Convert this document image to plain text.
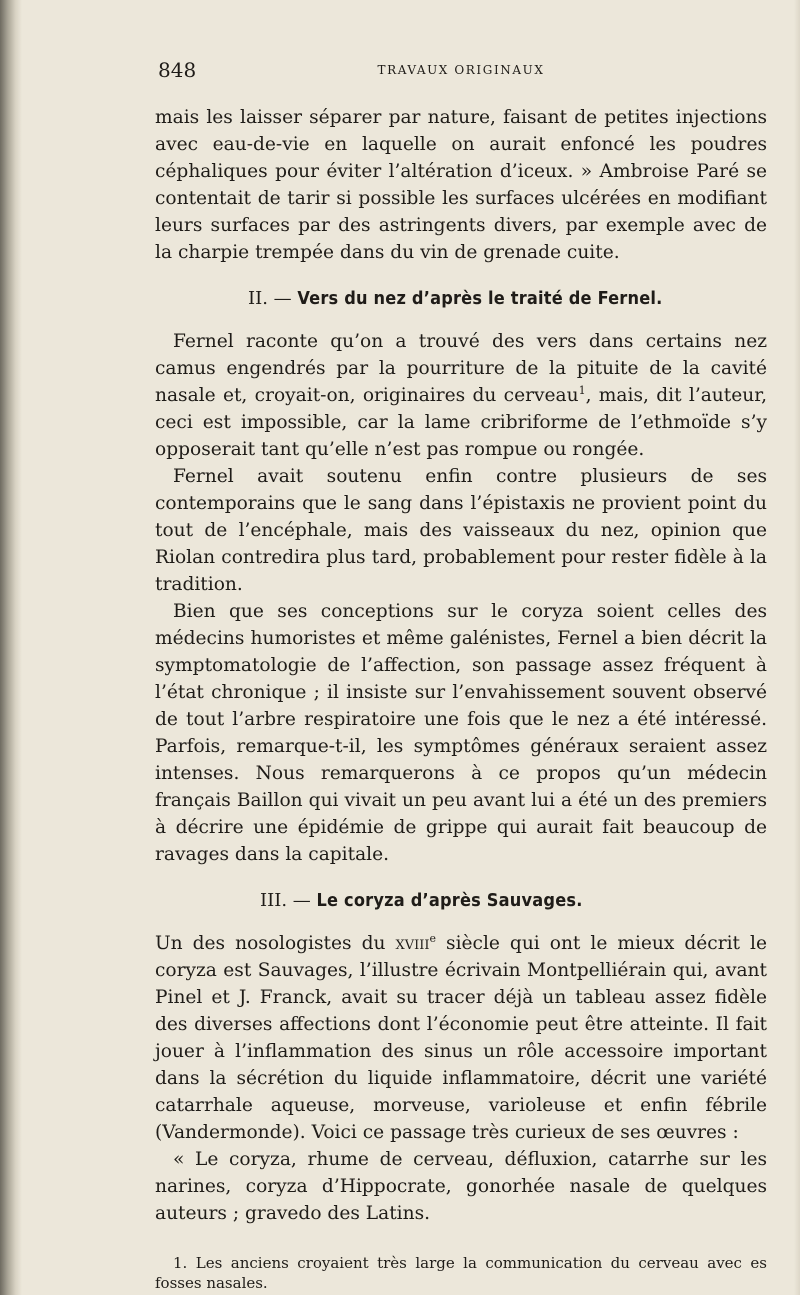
848	TRAVAUX ORIGINAUX

mais les laisser séparer par nature, faisant de petites injections avec eau-de-vie en laquelle on aurait enfoncé les poudres céphaliques pour éviter l’altération d’iceux. » Ambroise Paré se contentait de tarir si possible les surfaces ulcérées en modifiant leurs surfaces par des astringents divers, par exemple avec de la charpie trempée dans du vin de grenade cuite.

II. — Vers du nez d’après le traité de Fernel.

Fernel raconte qu’on a trouvé des vers dans certains nez camus engendrés par la pourriture de la pituite de la cavité nasale et, croyait-on, originaires du cerveau$^1$, mais, dit l’auteur, ceci est impossible, car la lame cribriforme de l’ethmoïde s’y opposerait tant qu’elle n’est pas rompue ou rongée.

Fernel avait soutenu enfin contre plusieurs de ses contemporains que le sang dans l’épistaxis ne provient point du tout de l’encéphale, mais des vaisseaux du nez, opinion que Riolan contredira plus tard, probablement pour rester fidèle à la tradition.

Bien que ses conceptions sur le coryza soient celles des médecins humoristes et même galénistes, Fernel a bien décrit la symptomatologie de l’affection, son passage assez fréquent à l’état chronique ; il insiste sur l’envahissement souvent observé de tout l’arbre respiratoire une fois que le nez a été intéressé. Parfois, remarque-t-il, les symptômes généraux seraient assez intenses. Nous remarquerons à ce propos qu’un médecin français Baillon qui vivait un peu avant lui a été un des premiers à décrire une épidémie de grippe qui aurait fait beaucoup de ravages dans la capitale.

III. — Le coryza d’après Sauvages.

Un des nosologistes du xviii$^e$ siècle qui ont le mieux décrit le coryza est Sauvages, l’illustre écrivain Montpelliérain qui, avant Pinel et J. Franck, avait su tracer déjà un tableau assez fidèle des diverses affections dont l’économie peut être atteinte. Il fait jouer à l’inflammation des sinus un rôle accessoire important dans la sécrétion du liquide inflammatoire, décrit une variété catarrhale aqueuse, morveuse, varioleuse et enfin fébrile (Vandermonde). Voici ce passage très curieux de ses œuvres :

« Le coryza, rhume de cerveau, défluxion, catarrhe sur les narines, coryza d’Hippocrate, gonorhée nasale de quelques auteurs ; gravedo des Latins.

1. Les anciens croyaient très large la communication du cerveau avec es fosses nasales.
